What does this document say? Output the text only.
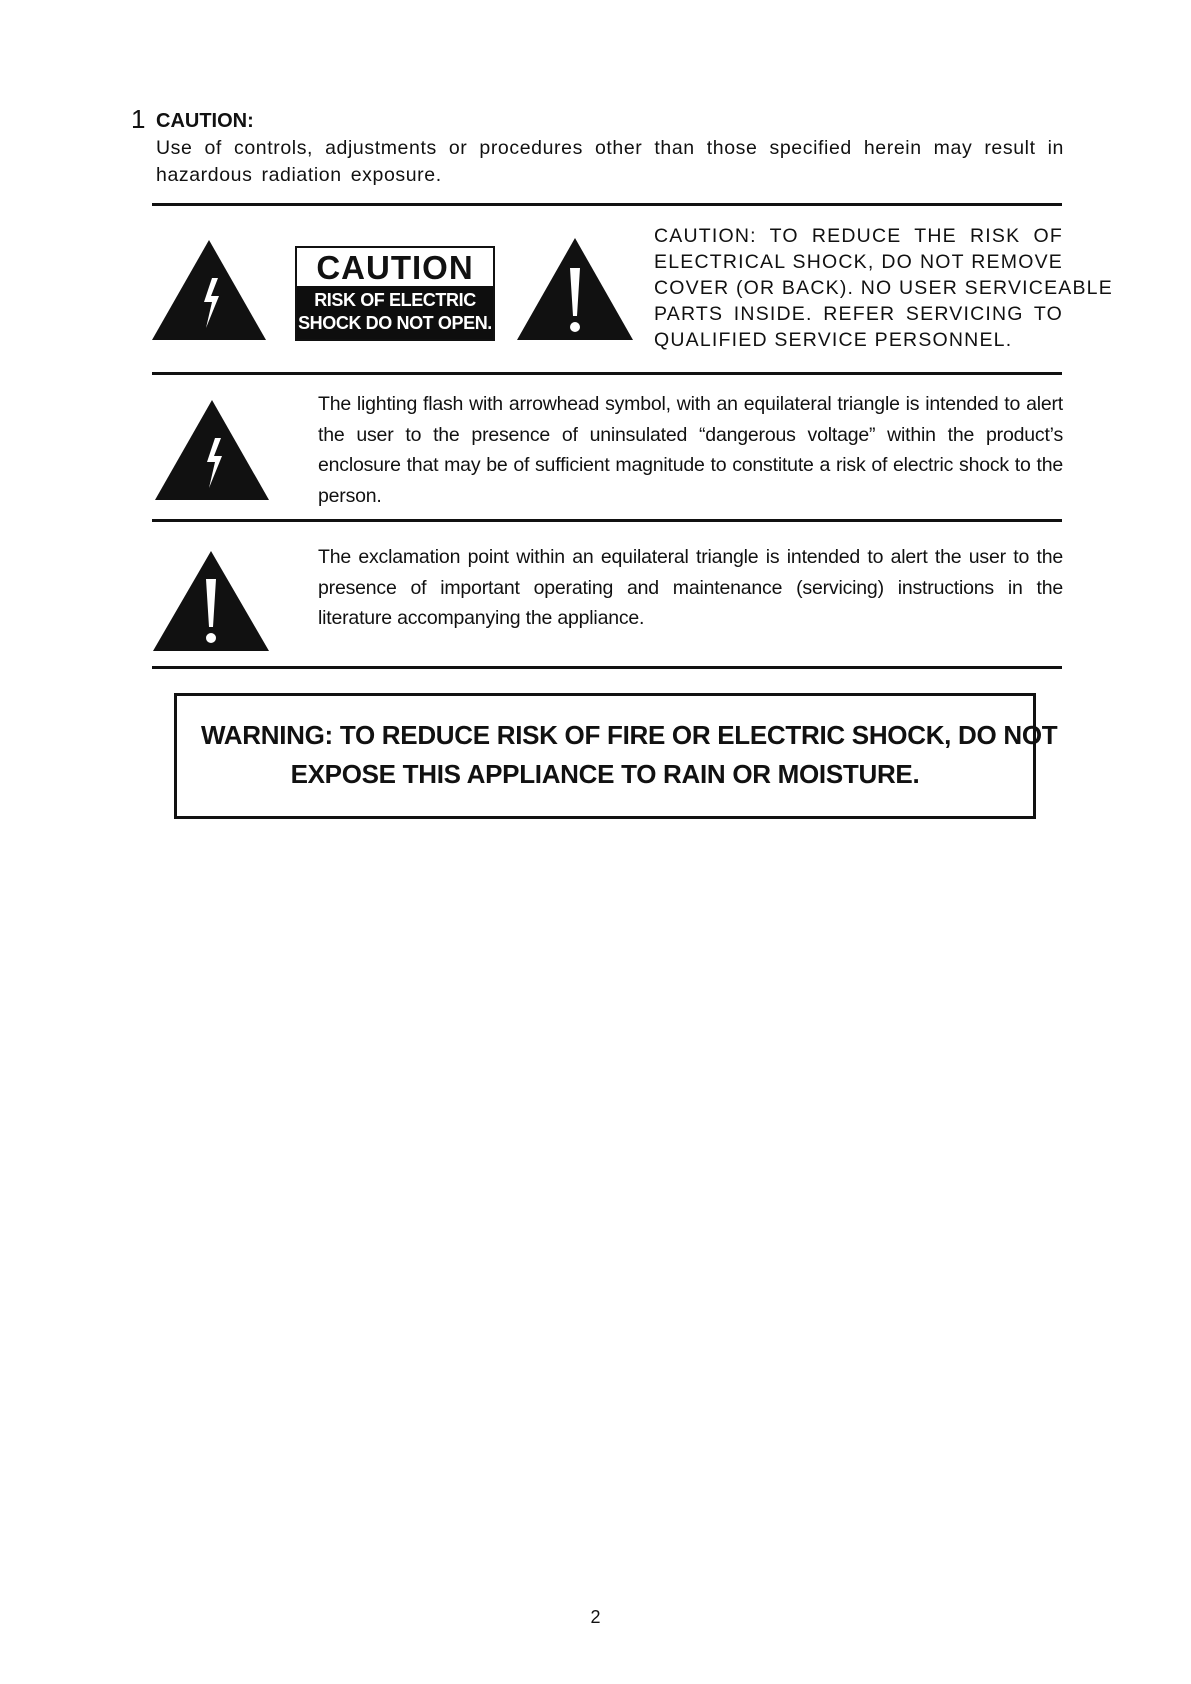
1 CAUTION:
Use of controls, adjustments or procedures other than those specified herein may result in hazardous radiation exposure.
CAUTION
RISK OF ELECTRIC
SHOCK DO NOT OPEN.
CAUTION: TO REDUCE THE RISK OF
ELECTRICAL SHOCK, DO NOT REMOVE
COVER (OR BACK). NO USER SERVICEABLE
PARTS INSIDE. REFER SERVICING TO
QUALIFIED SERVICE PERSONNEL.
The lighting flash with arrowhead symbol, with an equilateral triangle is intended to alert the user to the presence of uninsulated “dangerous voltage” within the product’s enclosure that may be of sufficient magnitude to constitute a risk of electric shock to the person.
The exclamation point within an equilateral triangle is intended to alert the user to the presence of important operating and maintenance (servicing) instructions in the literature accompanying the appliance.
WARNING: TO REDUCE RISK OF FIRE OR ELECTRIC SHOCK, DO NOT
EXPOSE THIS APPLIANCE TO RAIN OR MOISTURE.
2
